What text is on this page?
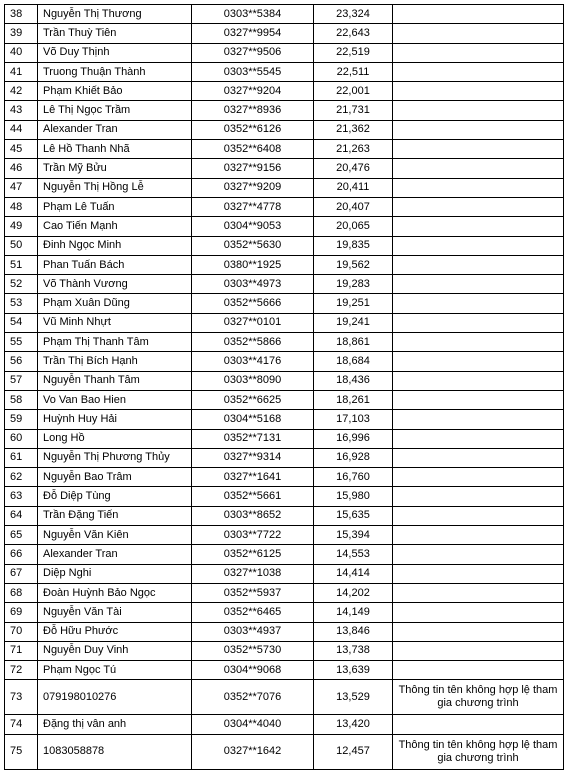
38	Nguyễn Thị Thương	0303**5384	23,324	
39	Trần Thuỳ Tiên	0327**9954	22,643	
40	Võ Duy Thịnh	0327**9506	22,519	
41	Truong Thuận Thành	0303**5545	22,511	
42	Phạm Khiết Bảo	0327**9204	22,001	
43	Lê Thị Ngọc Trầm	0327**8936	21,731	
44	Alexander Tran	0352**6126	21,362	
45	Lê Hồ Thanh Nhã	0352**6408	21,263	
46	Trần Mỹ Bửu	0327**9156	20,476	
47	Nguyễn Thị Hồng Lễ	0327**9209	20,411	
48	Phạm Lê Tuấn	0327**4778	20,407	
49	Cao Tiến Mạnh	0304**9053	20,065	
50	Đinh Ngọc Minh	0352**5630	19,835	
51	Phan Tuấn Bách	0380**1925	19,562	
52	Võ Thành Vương	0303**4973	19,283	
53	Phạm Xuân Dũng	0352**5666	19,251	
54	Vũ Minh Nhựt	0327**0101	19,241	
55	Phạm Thị Thanh Tâm	0352**5866	18,861	
56	Trần Thị Bích Hạnh	0303**4176	18,684	
57	Nguyễn Thanh Tâm	0303**8090	18,436	
58	Vo Van Bao Hien	0352**6625	18,261	
59	Huỳnh Huy Hải	0304**5168	17,103	
60	Long Hồ	0352**7131	16,996	
61	Nguyễn Thị Phương Thủy	0327**9314	16,928	
62	Nguyễn Bao Trâm	0327**1641	16,760	
63	Đỗ Diệp Tùng	0352**5661	15,980	
64	Trần Đặng Tiến	0303**8652	15,635	
65	Nguyễn Văn Kiên	0303**7722	15,394	
66	Alexander Tran	0352**6125	14,553	
67	Diệp Nghi	0327**1038	14,414	
68	Đoàn Huỳnh Bảo Ngọc	0352**5937	14,202	
69	Nguyễn Văn Tài	0352**6465	14,149	
70	Đỗ Hữu Phước	0303**4937	13,846	
71	Nguyễn Duy Vinh	0352**5730	13,738	
72	Phạm Ngọc Tú	0304**9068	13,639	
73	079198010276	0352**7076	13,529	Thông tin tên không hợp lệ tham gia chương trình
74	Đặng thị vân anh	0304**4040	13,420	
75	1083058878	0327**1642	12,457	Thông tin tên không hợp lệ tham gia chương trình
